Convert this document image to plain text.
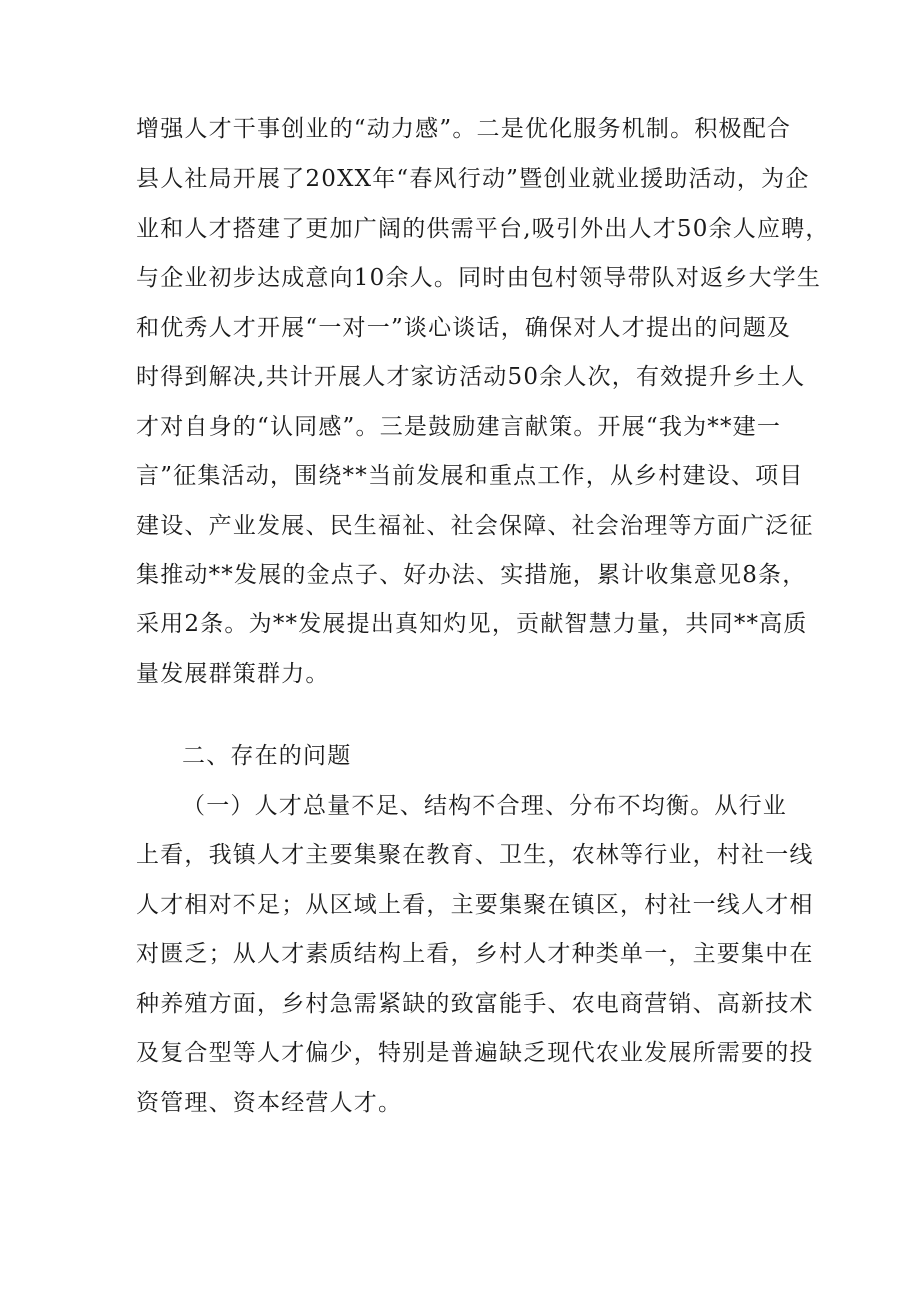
增强人才干事创业的“动力感”。二是优化服务机制。积极配合
县人社局开展了20XX年“春风行动”暨创业就业援助活动，为企
业和人才搭建了更加广阔的供需平台,吸引外出人才50余人应聘，
与企业初步达成意向10余人。同时由包村领导带队对返乡大学生
和优秀人才开展“一对一”谈心谈话，确保对人才提出的问题及
时得到解决,共计开展人才家访活动50余人次，有效提升乡土人
才对自身的“认同感”。三是鼓励建言献策。开展“我为**建一
言”征集活动，围绕**当前发展和重点工作，从乡村建设、项目
建设、产业发展、民生福祉、社会保障、社会治理等方面广泛征
集推动**发展的金点子、好办法、实措施，累计收集意见8条，
采用2条。为**发展提出真知灼见，贡献智慧力量，共同**高质
量发展群策群力。
二、存在的问题
（一）人才总量不足、结构不合理、分布不均衡。从行业
上看，我镇人才主要集聚在教育、卫生，农林等行业，村社一线
人才相对不足；从区域上看，主要集聚在镇区，村社一线人才相
对匮乏；从人才素质结构上看，乡村人才种类单一，主要集中在
种养殖方面，乡村急需紧缺的致富能手、农电商营销、高新技术
及复合型等人才偏少，特别是普遍缺乏现代农业发展所需要的投
资管理、资本经营人才。
